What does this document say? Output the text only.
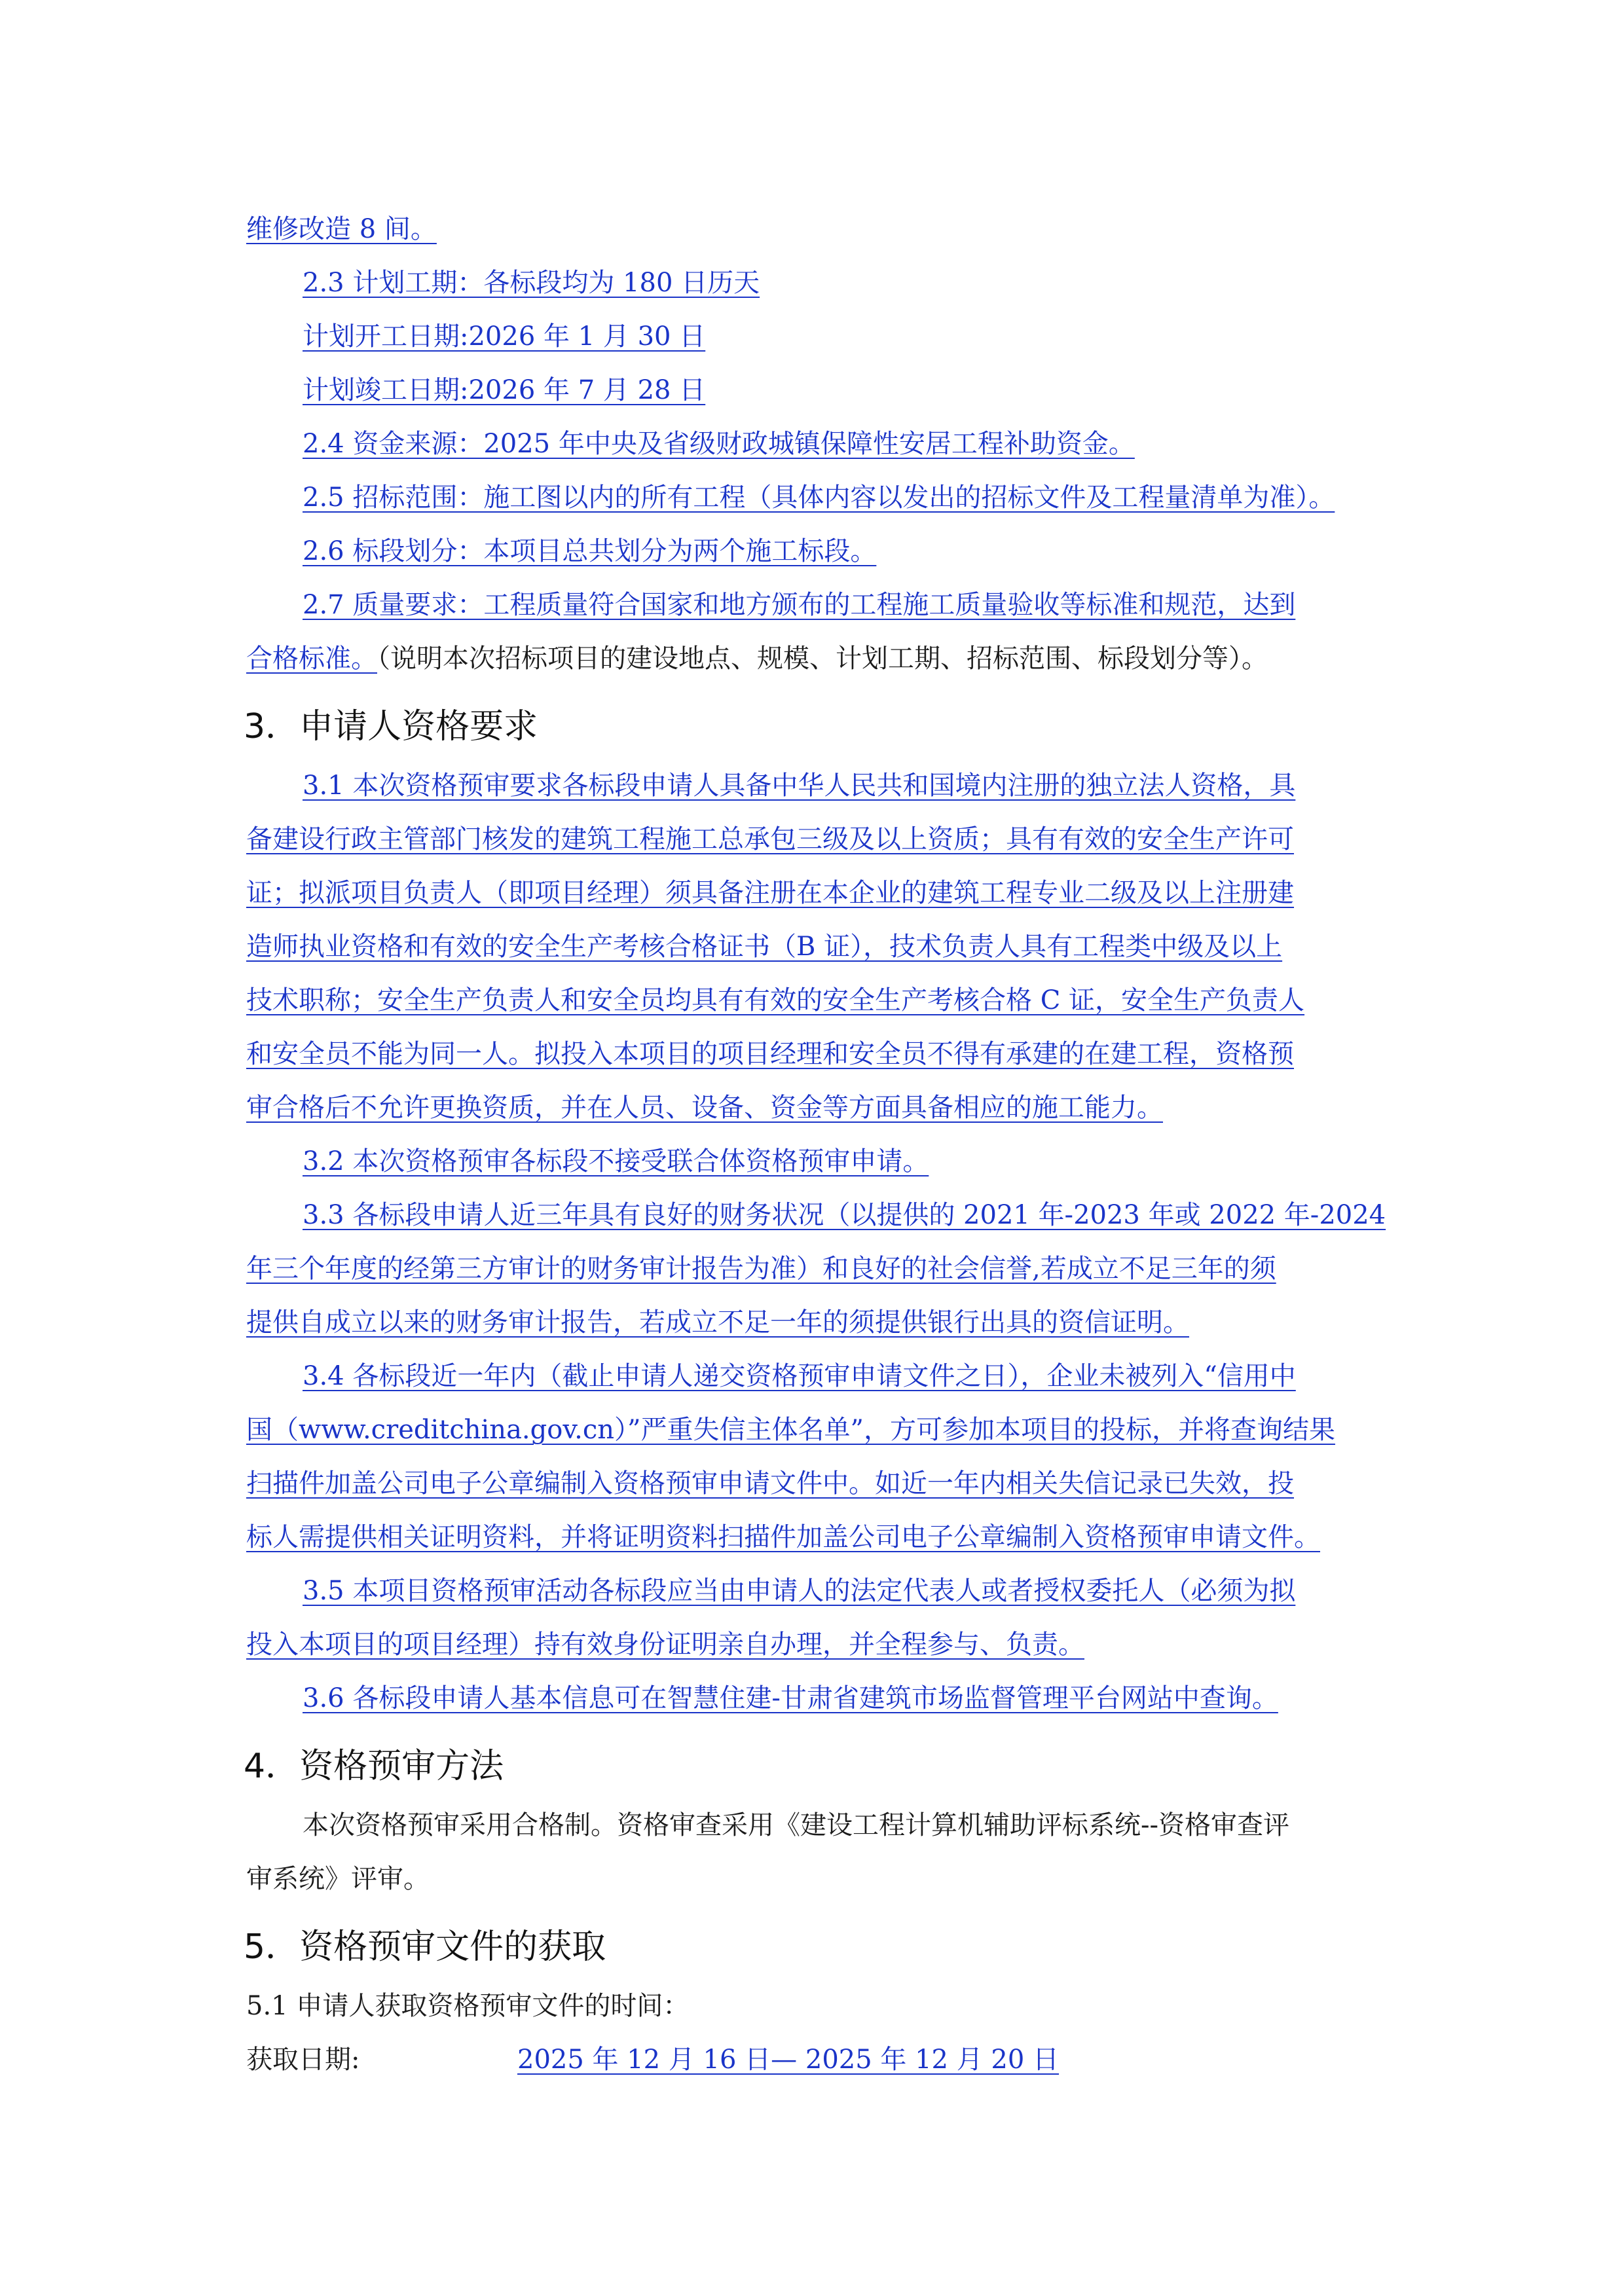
维修改造 8 间。
2.3 计划工期：各标段均为 180 日历天
计划开工日期:2026 年 1 月 30 日
计划竣工日期:2026 年 7 月 28 日
2.4 资金来源：2025 年中央及省级财政城镇保障性安居工程补助资金。
2.5 招标范围：施工图以内的所有工程（具体内容以发出的招标文件及工程量清单为准）。
2.6 标段划分：本项目总共划分为两个施工标段。
2.7 质量要求：工程质量符合国家和地方颁布的工程施工质量验收等标准和规范，达到
合格标准。（说明本次招标项目的建设地点、规模、计划工期、招标范围、标段划分等）。
3．申请人资格要求
3.1 本次资格预审要求各标段申请人具备中华人民共和国境内注册的独立法人资格，具
备建设行政主管部门核发的建筑工程施工总承包三级及以上资质；具有有效的安全生产许可
证；拟派项目负责人（即项目经理）须具备注册在本企业的建筑工程专业二级及以上注册建
造师执业资格和有效的安全生产考核合格证书（B 证），技术负责人具有工程类中级及以上
技术职称；安全生产负责人和安全员均具有有效的安全生产考核合格 C 证，安全生产负责人
和安全员不能为同一人。拟投入本项目的项目经理和安全员不得有承建的在建工程，资格预
审合格后不允许更换资质，并在人员、设备、资金等方面具备相应的施工能力。
3.2 本次资格预审各标段不接受联合体资格预审申请。
3.3 各标段申请人近三年具有良好的财务状况（以提供的 2021 年-2023 年或 2022 年-2024
年三个年度的经第三方审计的财务审计报告为准）和良好的社会信誉,若成立不足三年的须
提供自成立以来的财务审计报告，若成立不足一年的须提供银行出具的资信证明。
3.4 各标段近一年内（截止申请人递交资格预审申请文件之日），企业未被列入“信用中
国（www.creditchina.gov.cn）”严重失信主体名单”，方可参加本项目的投标，并将查询结果
扫描件加盖公司电子公章编制入资格预审申请文件中。如近一年内相关失信记录已失效，投
标人需提供相关证明资料，并将证明资料扫描件加盖公司电子公章编制入资格预审申请文件。
3.5 本项目资格预审活动各标段应当由申请人的法定代表人或者授权委托人（必须为拟
投入本项目的项目经理）持有效身份证明亲自办理，并全程参与、负责。
3.6 各标段申请人基本信息可在智慧住建-甘肃省建筑市场监督管理平台网站中查询。
4．资格预审方法
本次资格预审采用合格制。资格审查采用《建设工程计算机辅助评标系统--资格审查评
审系统》评审。
5．资格预审文件的获取
5.1 申请人获取资格预审文件的时间：
获取日期:	2025 年 12 月 16 日— 2025 年 12 月 20 日
